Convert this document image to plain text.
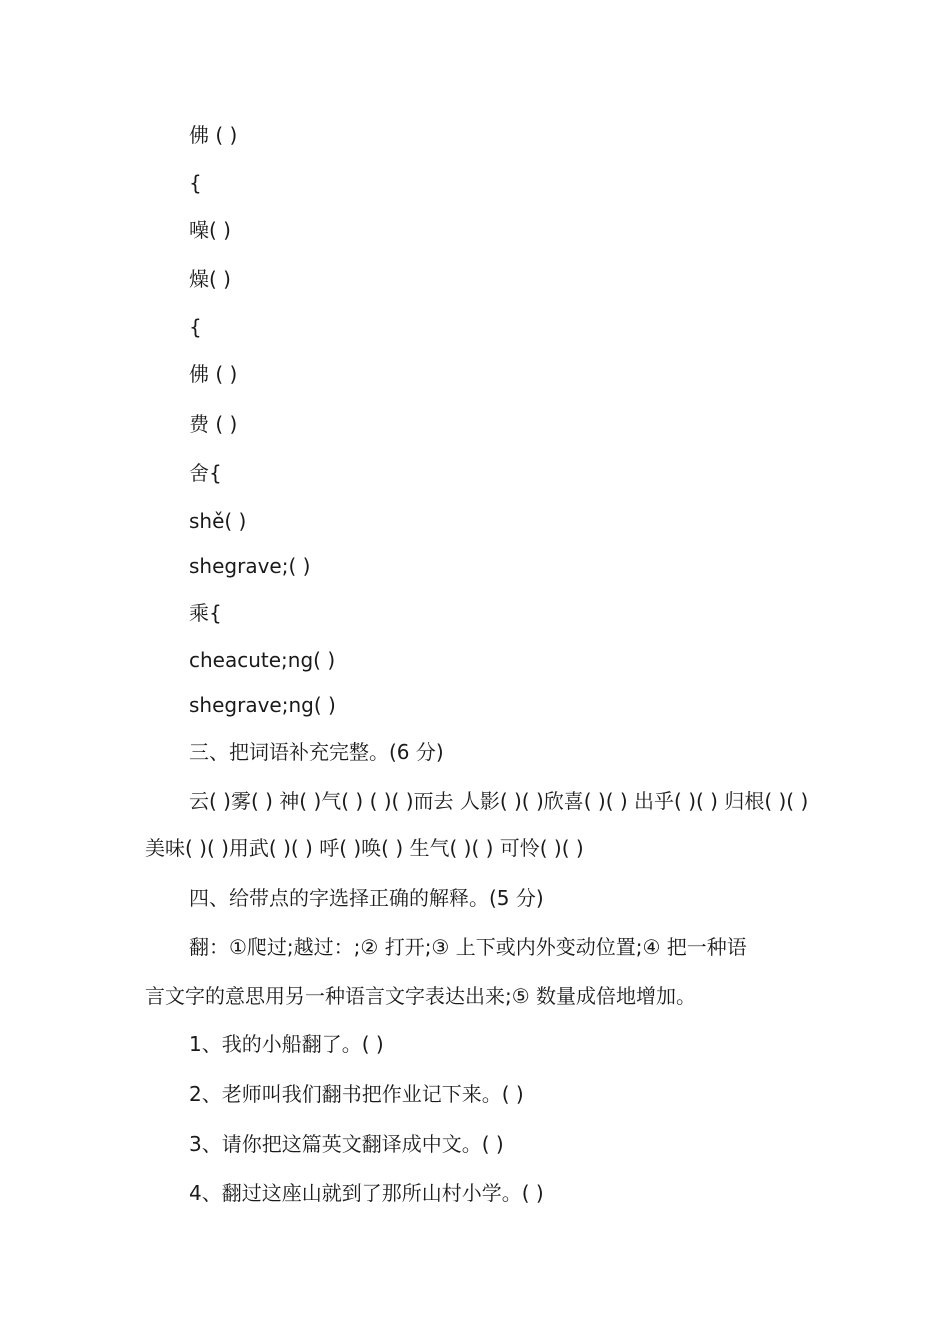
佛 ( )

{

噪( )

燥( )

{

佛 ( )

费 ( )

舍{

shě( )

shegrave;( )

乘{

cheacute;ng( )

shegrave;ng( )

三、把词语补充完整。(6 分)

云( )雾( ) 神( )气( ) ( )( )而去 人影( )( )欣喜( )( ) 出乎( )( ) 归根( )( )

美味( )( )用武( )( ) 呼( )唤( ) 生气( )( ) 可怜( )( )

四、给带点的字选择正确的解释。(5 分)

翻：①爬过;越过：;② 打开;③ 上下或内外变动位置;④ 把一种语

言文字的意思用另一种语言文字表达出来;⑤ 数量成倍地增加。

1、我的小船翻了。( )

2、老师叫我们翻书把作业记下来。( )

3、请你把这篇英文翻译成中文。( )

4、翻过这座山就到了那所山村小学。( )
